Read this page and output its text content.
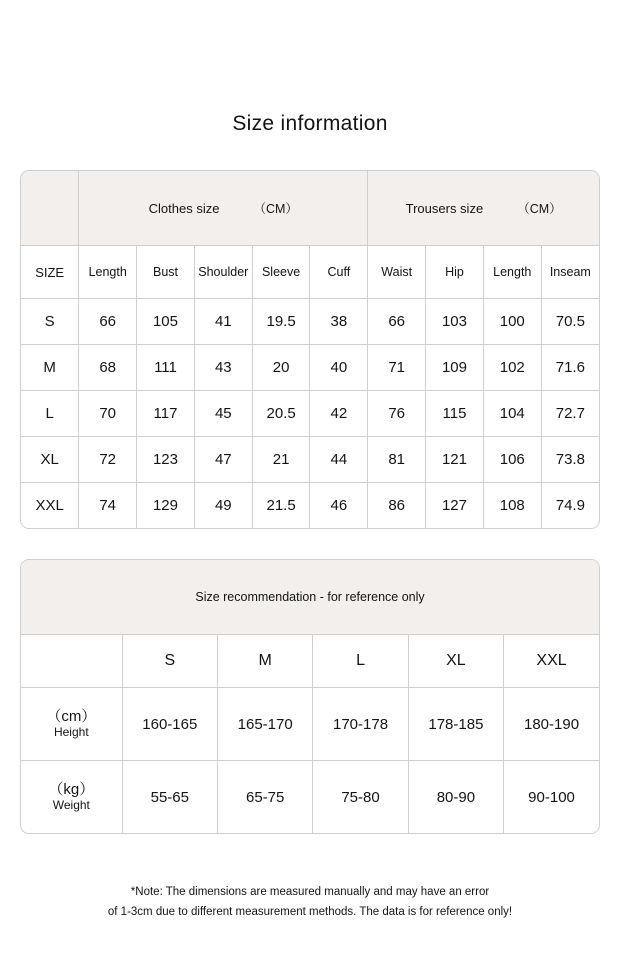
Size information

	Clothes size （CM）					Trousers size （CM）			

SIZE	Length	Bust	Shoulder	Sleeve	Cuff	Waist	Hip	Length	Inseam
S	66	105	41	19.5	38	66	103	100	70.5
M	68	111	43	20	40	71	109	102	71.6
L	70	117	45	20.5	42	76	115	104	72.7
XL	72	123	47	21	44	81	121	106	73.8
XXL	74	129	49	21.5	46	86	127	108	74.9
Size recommendation - for reference only					
	S	M	L	XL	XXL

（cm）
Height	160-165	165-170	170-178	178-185	180-190

（kg）
Weight	55-65	65-75	75-80	80-90	90-100
*Note: The dimensions are measured manually and may have an error
of 1-3cm due to different measurement methods. The data is for reference only!
